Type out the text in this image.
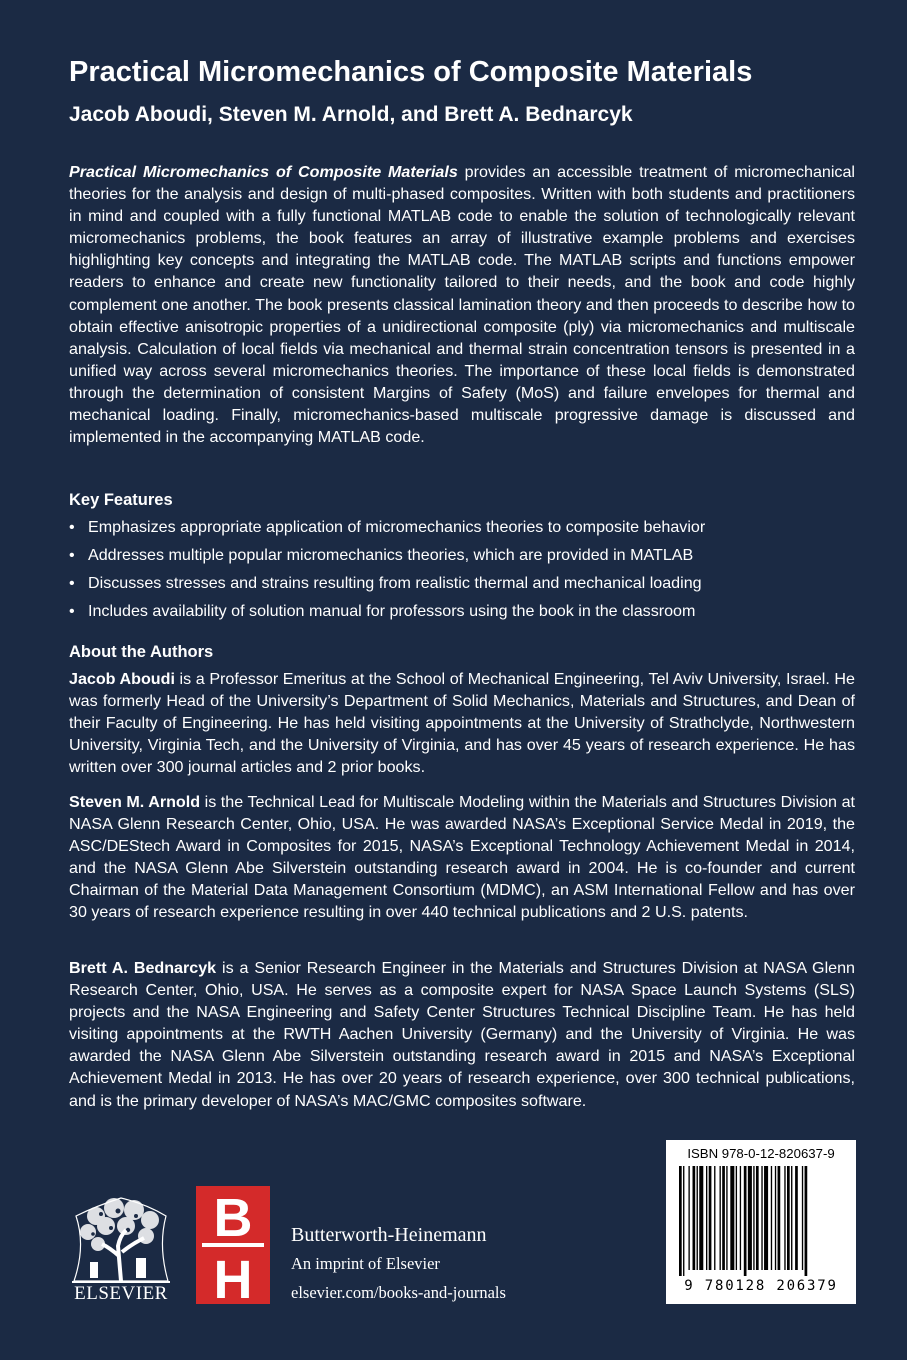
Practical Micromechanics of Composite Materials
Jacob Aboudi, Steven M. Arnold, and Brett A. Bednarcyk

Practical Micromechanics of Composite Materials provides an accessible treatment of micromechanical theories for the analysis and design of multi-phased composites. Written with both students and practitioners in mind and coupled with a fully functional MATLAB code to enable the solution of technologically relevant micromechanics problems, the book features an array of illustrative example problems and exercises highlighting key concepts and integrating the MATLAB code. The MATLAB scripts and functions empower readers to enhance and create new functionality tailored to their needs, and the book and code highly complement one another. The book presents classical lamination theory and then proceeds to describe how to obtain effective anisotropic properties of a unidirectional composite (ply) via micromechanics and multiscale analysis. Calculation of local fields via mechanical and thermal strain concentration tensors is presented in a unified way across several micromechanics theories. The importance of these local fields is demonstrated through the determination of consistent Margins of Safety (MoS) and failure envelopes for thermal and mechanical loading. Finally, micromechanics-based multiscale progressive damage is discussed and implemented in the accompanying MATLAB code.

Key Features
• Emphasizes appropriate application of micromechanics theories to composite behavior
• Addresses multiple popular micromechanics theories, which are provided in MATLAB
• Discusses stresses and strains resulting from realistic thermal and mechanical loading
• Includes availability of solution manual for professors using the book in the classroom
About the Authors

Jacob Aboudi is a Professor Emeritus at the School of Mechanical Engineering, Tel Aviv University, Israel. He was formerly Head of the University’s Department of Solid Mechanics, Materials and Structures, and Dean of their Faculty of Engineering. He has held visiting appointments at the University of Strathclyde, Northwestern University, Virginia Tech, and the University of Virginia, and has over 45 years of research experience. He has written over 300 journal articles and 2 prior books.

Steven M. Arnold is the Technical Lead for Multiscale Modeling within the Materials and Structures Division at NASA Glenn Research Center, Ohio, USA. He was awarded NASA’s Exceptional Service Medal in 2019, the ASC/DEStech Award in Composites for 2015, NASA’s Exceptional Technology Achievement Medal in 2014, and the NASA Glenn Abe Silverstein outstanding research award in 2004. He is co-founder and current Chairman of the Material Data Management Consortium (MDMC), an ASM International Fellow and has over 30 years of research experience resulting in over 440 technical publications and 2 U.S. patents.

Brett A. Bednarcyk is a Senior Research Engineer in the Materials and Structures Division at NASA Glenn Research Center, Ohio, USA. He serves as a composite expert for NASA Space Launch Systems (SLS) projects and the NASA Engineering and Safety Center Structures Technical Discipline Team. He has held visiting appointments at the RWTH Aachen University (Germany) and the University of Virginia. He was awarded the NASA Glenn Abe Silverstein outstanding research award in 2015 and NASA’s Exceptional Achievement Medal in 2013. He has over 20 years of research experience, over 300 technical publications, and is the primary developer of NASA’s MAC/GMC composites software.

ELSEVIER
B
H
Butterworth-Heinemann
An imprint of Elsevier
elsevier.com/books-and-journals
ISBN 978-0-12-820637-9
9 780128 206379
